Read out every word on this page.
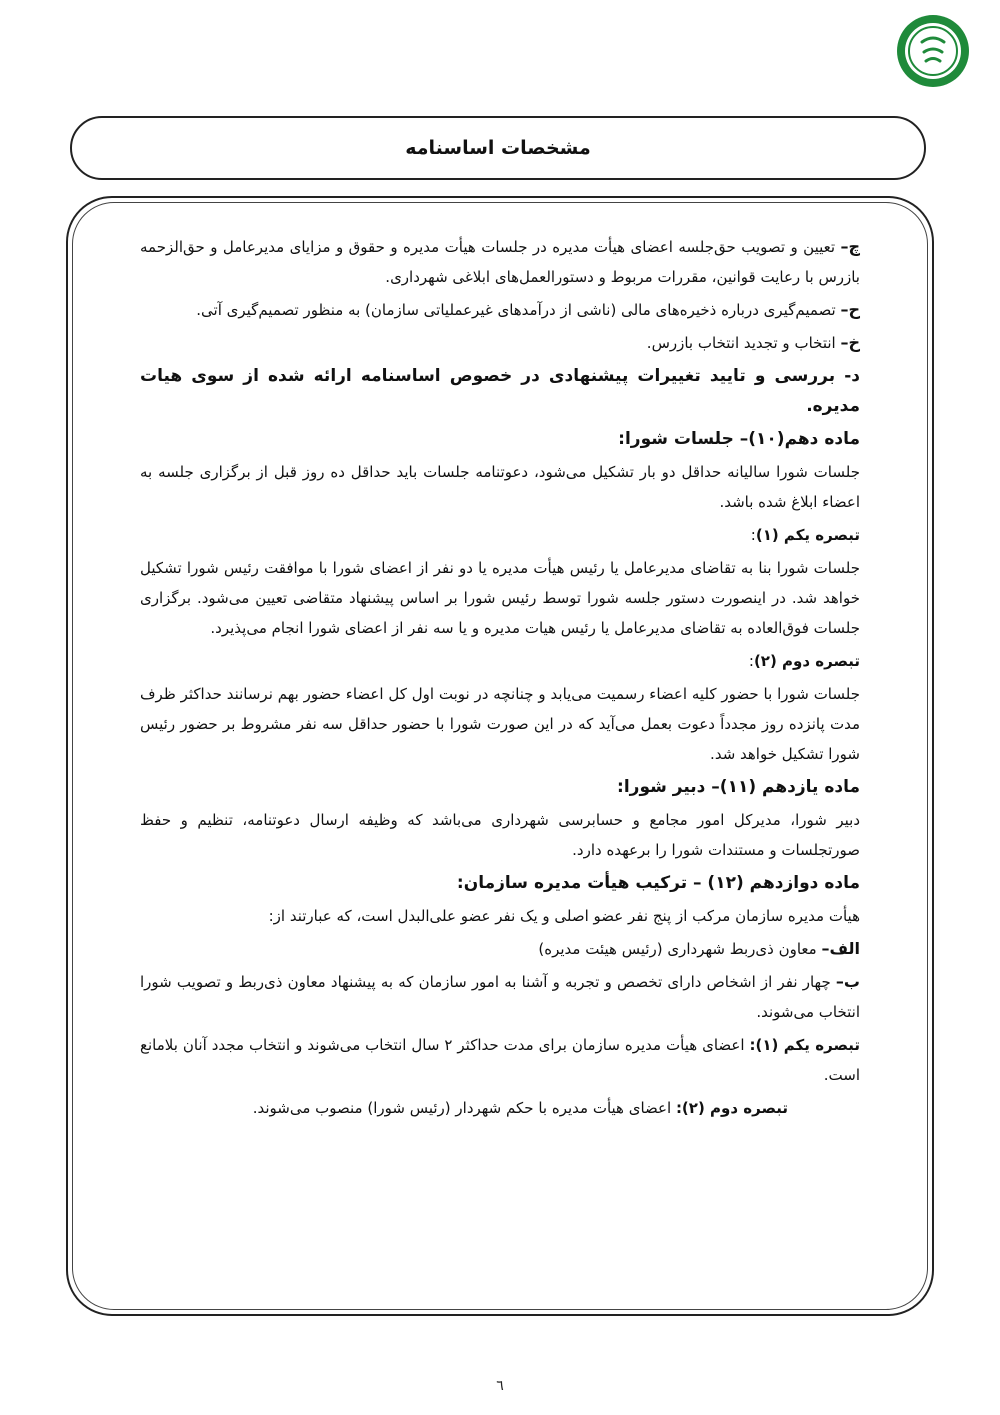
مشخصات اساسنامه

چ– تعیین و تصویب حق‌جلسه اعضای هیأت مدیره در جلسات هیأت مدیره و حقوق و مزایای مدیرعامل و حق‌الزحمه بازرس با رعایت قوانین، مقررات مربوط و دستورالعمل‌های ابلاغی شهرداری.

ح– تصمیم‌گیری درباره ذخیره‌های مالی (ناشی از درآمدهای غیرعملیاتی سازمان) به منظور تصمیم‌گیری آتی.

خ– انتخاب و تجدید انتخاب بازرس.

د- بررسی و تایید تغییرات پیشنهادی در خصوص اساسنامه ارائه شده از سوی هیات مدیره.

ماده دهم(۱۰)– جلسات شورا:

جلسات شورا سالیانه حداقل دو بار تشکیل می‌شود، دعوتنامه جلسات باید حداقل ده روز قبل از برگزاری جلسه به اعضاء ابلاغ شده باشد.

تبصره یکم (۱):

جلسات شورا بنا به تقاضای مدیرعامل یا رئیس هیأت مدیره یا دو نفر از اعضای شورا با موافقت رئیس شورا تشکیل خواهد شد. در اینصورت دستور جلسه شورا توسط رئیس شورا بر اساس پیشنهاد متقاضی تعیین می‌شود. برگزاری جلسات فوق‌العاده به تقاضای مدیرعامل یا رئیس هیات مدیره و یا سه نفر از اعضای شورا انجام می‌پذیرد.

تبصره دوم (۲):

جلسات شورا با حضور کلیه اعضاء رسمیت می‌یابد و چنانچه در نوبت اول کل اعضاء حضور بهم نرسانند حداکثر ظرف مدت پانزده روز مجدداً دعوت بعمل می‌آید که در این صورت شورا با حضور حداقل سه نفر مشروط بر حضور رئیس شورا تشکیل خواهد شد.

ماده یازدهم (۱۱)– دبیر شورا:

دبیر شورا، مدیرکل امور مجامع و حسابرسی شهرداری می‌باشد که وظیفه ارسال دعوتنامه، تنظیم و حفظ صورتجلسات و مستندات شورا را برعهده دارد.

ماده دوازدهم (۱۲) – ترکیب هیأت مدیره سازمان:

هیأت مدیره سازمان مرکب از پنج نفر عضو اصلی و یک نفر عضو علی‌البدل است، که عبارتند از:

الف– معاون ذی‌ربط شهرداری (رئیس هیئت مدیره)

ب– چهار نفر از اشخاص دارای تخصص و تجربه و آشنا به امور سازمان که به پیشنهاد معاون ذی‌ربط و تصویب شورا انتخاب می‌شوند.

تبصره یکم (۱): اعضای هیأت مدیره سازمان برای مدت حداکثر ۲ سال انتخاب می‌شوند و انتخاب مجدد آنان بلامانع است.

تبصره دوم (۲): اعضای هیأت مدیره با حکم شهردار (رئیس شورا) منصوب می‌شوند.

٦
